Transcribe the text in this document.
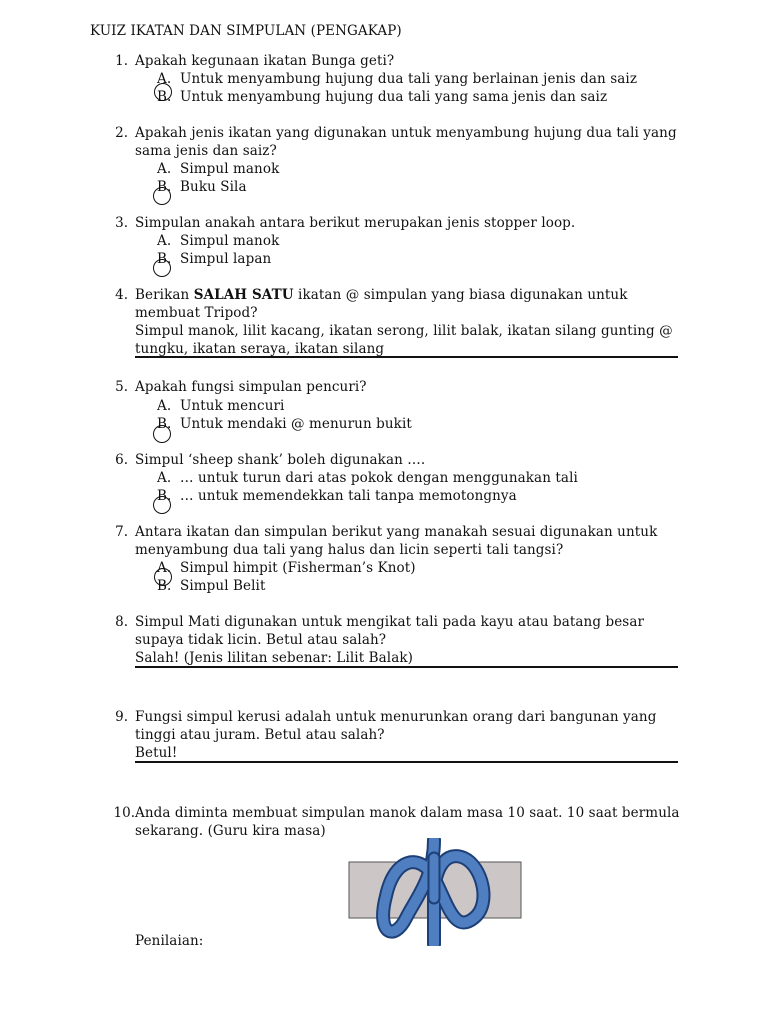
KUIZ IKATAN DAN SIMPULAN (PENGAKAP)
1. Apakah kegunaan ikatan Bunga geti?
A. Untuk menyambung hujung dua tali yang berlainan jenis dan saiz
B. Untuk menyambung hujung dua tali yang sama jenis dan saiz
2. Apakah jenis ikatan yang digunakan untuk menyambung hujung dua tali yang
sama jenis dan saiz?
A. Simpul manok
B. Buku Sila
3. Simpulan anakah antara berikut merupakan jenis stopper loop.
A. Simpul manok
B. Simpul lapan
4. Berikan SALAH SATU ikatan @ simpulan yang biasa digunakan untuk
membuat Tripod?
Simpul manok, lilit kacang, ikatan serong, lilit balak, ikatan silang gunting @
tungku, ikatan seraya, ikatan silang
5. Apakah fungsi simpulan pencuri?
A. Untuk mencuri
B. Untuk mendaki @ menurun bukit
6. Simpul ‘sheep shank’ boleh digunakan ….
A. … untuk turun dari atas pokok dengan menggunakan tali
B. … untuk memendekkan tali tanpa memotongnya
7. Antara ikatan dan simpulan berikut yang manakah sesuai digunakan untuk
menyambung dua tali yang halus dan licin seperti tali tangsi?
A. Simpul himpit (Fisherman’s Knot)
B. Simpul Belit
8. Simpul Mati digunakan untuk mengikat tali pada kayu atau batang besar
supaya tidak licin. Betul atau salah?
Salah! (Jenis lilitan sebenar: Lilit Balak)
9. Fungsi simpul kerusi adalah untuk menurunkan orang dari bangunan yang
tinggi atau juram. Betul atau salah?
Betul!
10. Anda diminta membuat simpulan manok dalam masa 10 saat. 10 saat bermula
sekarang. (Guru kira masa)
Penilaian:
